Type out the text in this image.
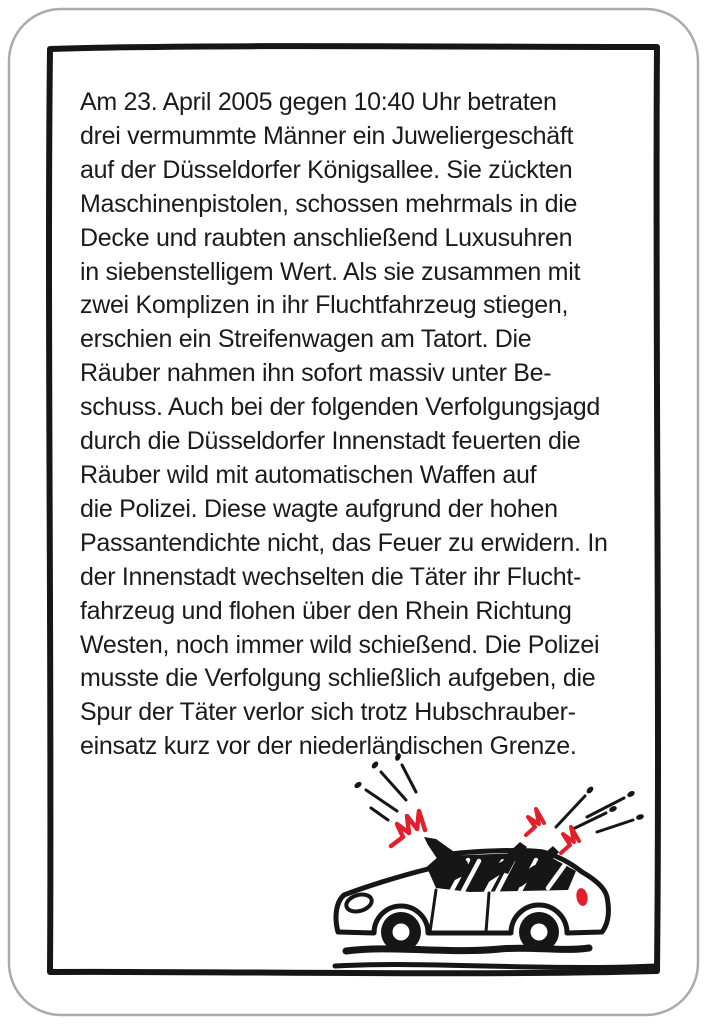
Am 23. April 2005 gegen 10:40 Uhr betraten
drei vermummte Männer ein Juweliergeschäft
auf der Düsseldorfer Königsallee. Sie zückten
Maschinenpistolen, schossen mehrmals in die
Decke und raubten anschließend Luxusuhren
in siebenstelligem Wert. Als sie zusammen mit
zwei Komplizen in ihr Fluchtfahrzeug stiegen,
erschien ein Streifenwagen am Tatort. Die
Räuber nahmen ihn sofort massiv unter Be-
schuss. Auch bei der folgenden Verfolgungsjagd
durch die Düsseldorfer Innenstadt feuerten die
Räuber wild mit automatischen Waffen auf
die Polizei. Diese wagte aufgrund der hohen
Passantendichte nicht, das Feuer zu erwidern. In
der Innenstadt wechselten die Täter ihr Flucht-
fahrzeug und flohen über den Rhein Richtung
Westen, noch immer wild schießend. Die Polizei
musste die Verfolgung schließlich aufgeben, die
Spur der Täter verlor sich trotz Hubschrauber-
einsatz kurz vor der niederländischen Grenze.
